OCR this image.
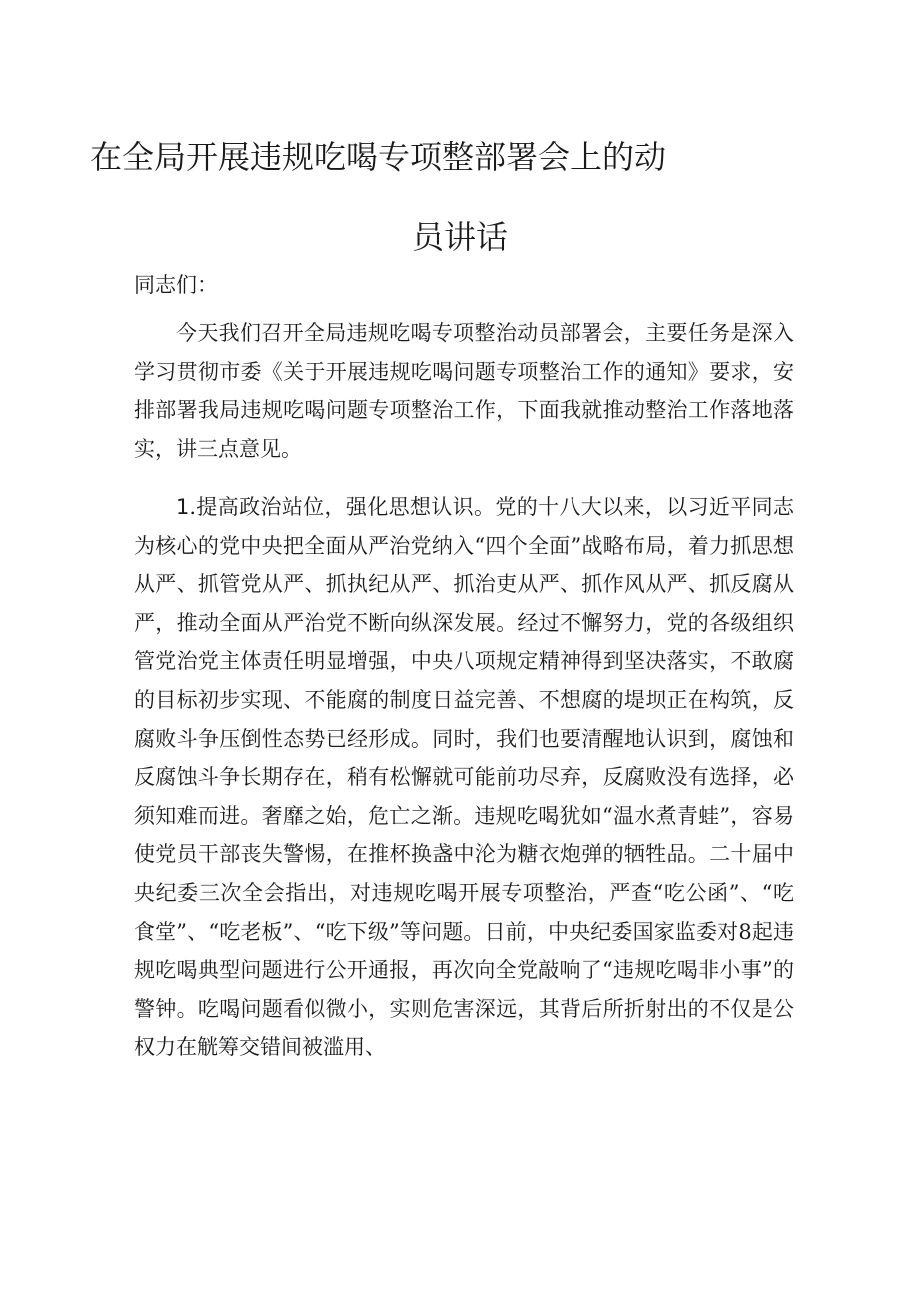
在全局开展违规吃喝专项整部署会上的动
员讲话

同志们：

今天我们召开全局违规吃喝专项整治动员部署会，主要任务是深入学习贯彻市委《关于开展违规吃喝问题专项整治工作的通知》要求，安排部署我局违规吃喝问题专项整治工作，下面我就推动整治工作落地落实，讲三点意见。

1.提高政治站位，强化思想认识。党的十八大以来，以习近平同志为核心的党中央把全面从严治党纳入“四个全面”战略布局，着力抓思想从严、抓管党从严、抓执纪从严、抓治吏从严、抓作风从严、抓反腐从严，推动全面从严治党不断向纵深发展。经过不懈努力，党的各级组织管党治党主体责任明显增强，中央八项规定精神得到坚决落实，不敢腐的目标初步实现、不能腐的制度日益完善、不想腐的堤坝正在构筑，反腐败斗争压倒性态势已经形成。同时，我们也要清醒地认识到，腐蚀和反腐蚀斗争长期存在，稍有松懈就可能前功尽弃，反腐败没有选择，必须知难而进。奢靡之始，危亡之渐。违规吃喝犹如“温水煮青蛙”，容易使党员干部丧失警惕，在推杯换盏中沦为糖衣炮弹的牺牲品。二十届中央纪委三次全会指出，对违规吃喝开展专项整治，严查“吃公函”、“吃食堂”、“吃老板”、“吃下级”等问题。日前，中央纪委国家监委对8起违规吃喝典型问题进行公开通报，再次向全党敲响了“违规吃喝非小事”的警钟。吃喝问题看似微小，实则危害深远，其背后所折射出的不仅是公权力在觥筹交错间被滥用、
